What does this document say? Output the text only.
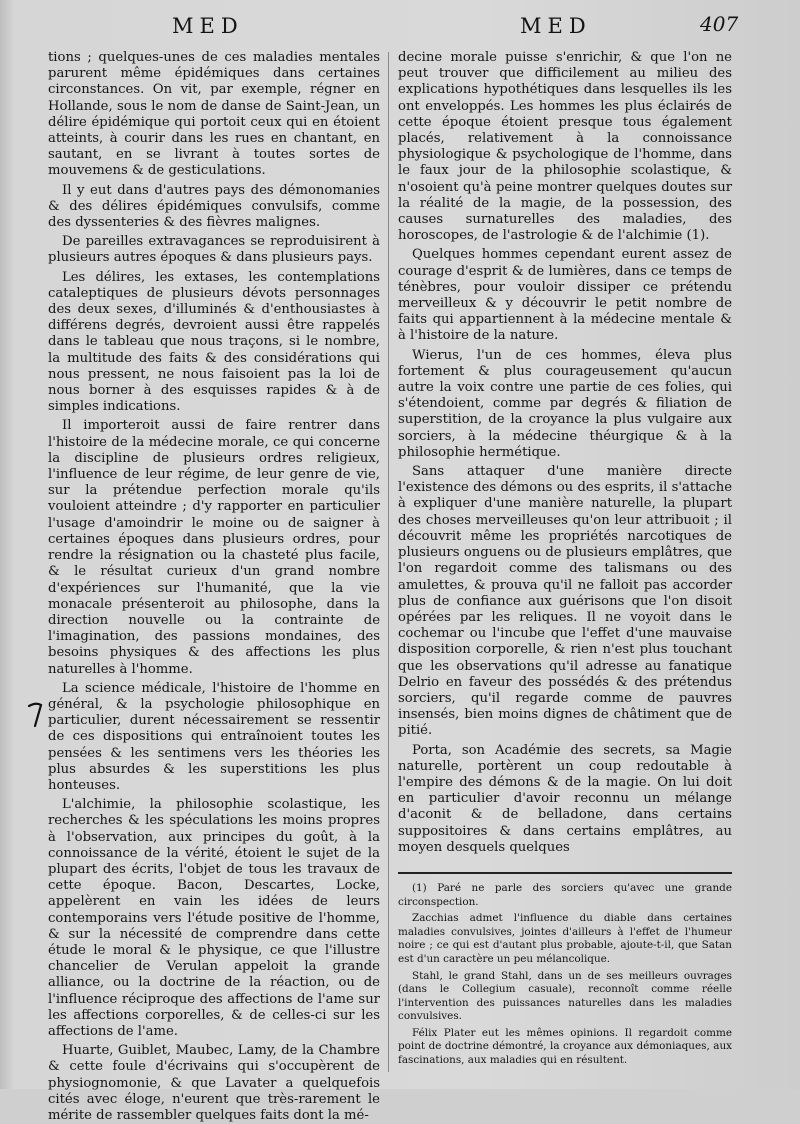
MED	MED	407

tions ; quelques-unes de ces maladies mentales parurent même épidémiques dans certaines circonstances. On vit, par exemple, régner en Hollande, sous le nom de danse de Saint-Jean, un délire épidémique qui portoit ceux qui en étoient atteints, à courir dans les rues en chantant, en sautant, en se livrant à toutes sortes de mouvemens & de gesticulations.

Il y eut dans d'autres pays des démonomanies & des délires épidémiques convulsifs, comme des dyssenteries & des fièvres malignes.

De pareilles extravagances se reproduisirent à plusieurs autres époques & dans plusieurs pays.

Les délires, les extases, les contemplations cataleptiques de plusieurs dévots personnages des deux sexes, d'illuminés & d'enthousiastes à différens degrés, devroient aussi être rappelés dans le tableau que nous traçons, si le nombre, la multitude des faits & des considérations qui nous pressent, ne nous faisoient pas la loi de nous borner à des esquisses rapides & à de simples indications.

Il importeroit aussi de faire rentrer dans l'histoire de la médecine morale, ce qui concerne la discipline de plusieurs ordres religieux, l'influence de leur régime, de leur genre de vie, sur la prétendue perfection morale qu'ils vouloient atteindre ; d'y rapporter en particulier l'usage d'amoindrir le moine ou de saigner à certaines époques dans plusieurs ordres, pour rendre la résignation ou la chasteté plus facile, & le résultat curieux d'un grand nombre d'expériences sur l'humanité, que la vie monacale présenteroit au philosophe, dans la direction nouvelle ou la contrainte de l'imagination, des passions mondaines, des besoins physiques & des affections les plus naturelles à l'homme.

La science médicale, l'histoire de l'homme en général, & la psychologie philosophique en particulier, durent nécessairement se ressentir de ces dispositions qui entraînoient toutes les pensées & les sentimens vers les théories les plus absurdes & les superstitions les plus honteuses.

L'alchimie, la philosophie scolastique, les recherches & les spéculations les moins propres à l'observation, aux principes du goût, à la connoissance de la vérité, étoient le sujet de la plupart des écrits, l'objet de tous les travaux de cette époque. Bacon, Descartes, Locke, appelèrent en vain les idées de leurs contemporains vers l'étude positive de l'homme, & sur la nécessité de comprendre dans cette étude le moral & le physique, ce que l'illustre chancelier de Verulan appeloit la grande alliance, ou la doctrine de la réaction, ou de l'influence réciproque des affections de l'ame sur les affections corporelles, & de celles-ci sur les affections de l'ame.

Huarte, Guiblet, Maubec, Lamy, de la Chambre & cette foule d'écrivains qui s'occupèrent de physiognomonie, & que Lavater a quelquefois cités avec éloge, n'eurent que très-rarement le mérite de rassembler quelques faits dont la mé-

decine morale puisse s'enrichir, & que l'on ne peut trouver que difficilement au milieu des explications hypothétiques dans lesquelles ils les ont enveloppés. Les hommes les plus éclairés de cette époque étoient presque tous également placés, relativement à la connoissance physiologique & psychologique de l'homme, dans le faux jour de la philosophie scolastique, & n'osoient qu'à peine montrer quelques doutes sur la réalité de la magie, de la possession, des causes surnaturelles des maladies, des horoscopes, de l'astrologie & de l'alchimie (1).

Quelques hommes cependant eurent assez de courage d'esprit & de lumières, dans ce temps de ténèbres, pour vouloir dissiper ce prétendu merveilleux & y découvrir le petit nombre de faits qui appartiennent à la médecine mentale & à l'histoire de la nature.

Wierus, l'un de ces hommes, éleva plus fortement & plus courageusement qu'aucun autre la voix contre une partie de ces folies, qui s'étendoient, comme par degrés & filiation de superstition, de la croyance la plus vulgaire aux sorciers, à la médecine théurgique & à la philosophie hermétique.

Sans attaquer d'une manière directe l'existence des démons ou des esprits, il s'attache à expliquer d'une manière naturelle, la plupart des choses merveilleuses qu'on leur attribuoit ; il découvrit même les propriétés narcotiques de plusieurs onguens ou de plusieurs emplâtres, que l'on regardoit comme des talismans ou des amulettes, & prouva qu'il ne falloit pas accorder plus de confiance aux guérisons que l'on disoit opérées par les reliques. Il ne voyoit dans le cochemar ou l'incube que l'effet d'une mauvaise disposition corporelle, & rien n'est plus touchant que les observations qu'il adresse au fanatique Delrio en faveur des possédés & des prétendus sorciers, qu'il regarde comme de pauvres insensés, bien moins dignes de châtiment que de pitié.

Porta, son Académie des secrets, sa Magie naturelle, portèrent un coup redoutable à l'empire des démons & de la magie. On lui doit en particulier d'avoir reconnu un mélange d'aconit & de belladone, dans certains suppositoires & dans certains emplâtres, au moyen desquels quelques

(1) Paré ne parle des sorciers qu'avec une grande circonspection.

Zacchias admet l'influence du diable dans certaines maladies convulsives, jointes d'ailleurs à l'effet de l'humeur noire ; ce qui est d'autant plus probable, ajoute-t-il, que Satan est d'un caractère un peu mélancolique.

Stahl, le grand Stahl, dans un de ses meilleurs ouvrages (dans le Collegium casuale), reconnoît comme réelle l'intervention des puissances naturelles dans les maladies convulsives.

Félix Plater eut les mêmes opinions. Il regardoit comme point de doctrine démontré, la croyance aux démoniaques, aux fascinations, aux maladies qui en résultent.
